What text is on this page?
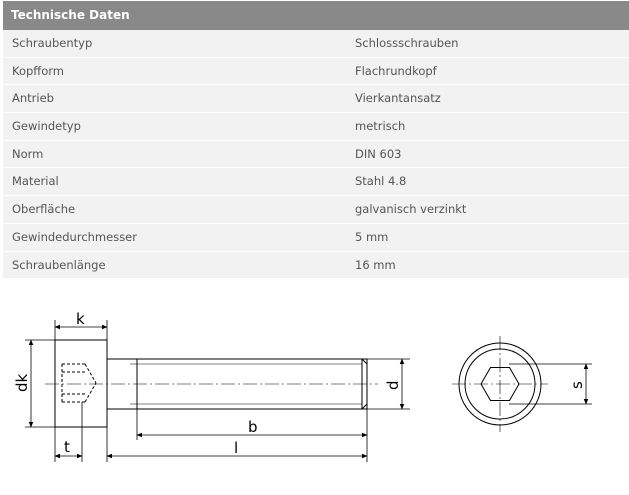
Technische Daten
Schraubentyp	Schlossschrauben
Kopfform	Flachrundkopf
Antrieb	Vierkantansatz
Gewindetyp	metrisch
Norm	DIN 603
Material	Stahl 4.8
Oberfläche	galvanisch verzinkt
Gewindedurchmesser	5 mm
Schraubenlänge	16 mm
k
dk
t
b
l
d	s
